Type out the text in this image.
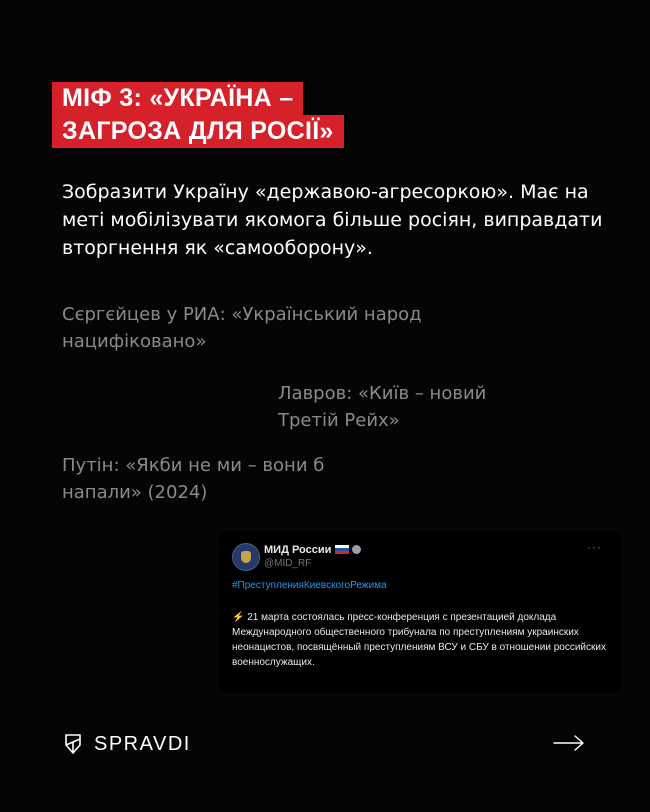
МІФ 3: «УКРАЇНА –
ЗАГРОЗА ДЛЯ РОСІЇ»

Зобразити Україну «державою-агресоркою». Має на меті мобілізувати якомога більше росіян, виправдати вторгнення як «самооборону».

Сєргєйцев у РИА: «Український народ нацифіковано»

Лавров: «Київ – новий Третій Рейх»

Путін: «Якби не ми – вони б напали» (2024)

МИД России
@MID_RF
···
#ПреступленияКиевскогоРежима

⚡ 21 марта состоялась пресс-конференция с презентацией доклада Международного общественного трибунала по преступлениям украинских неонацистов, посвящённый преступлениям ВСУ и СБУ в отношении российских военнослужащих.

SPRAVDI
